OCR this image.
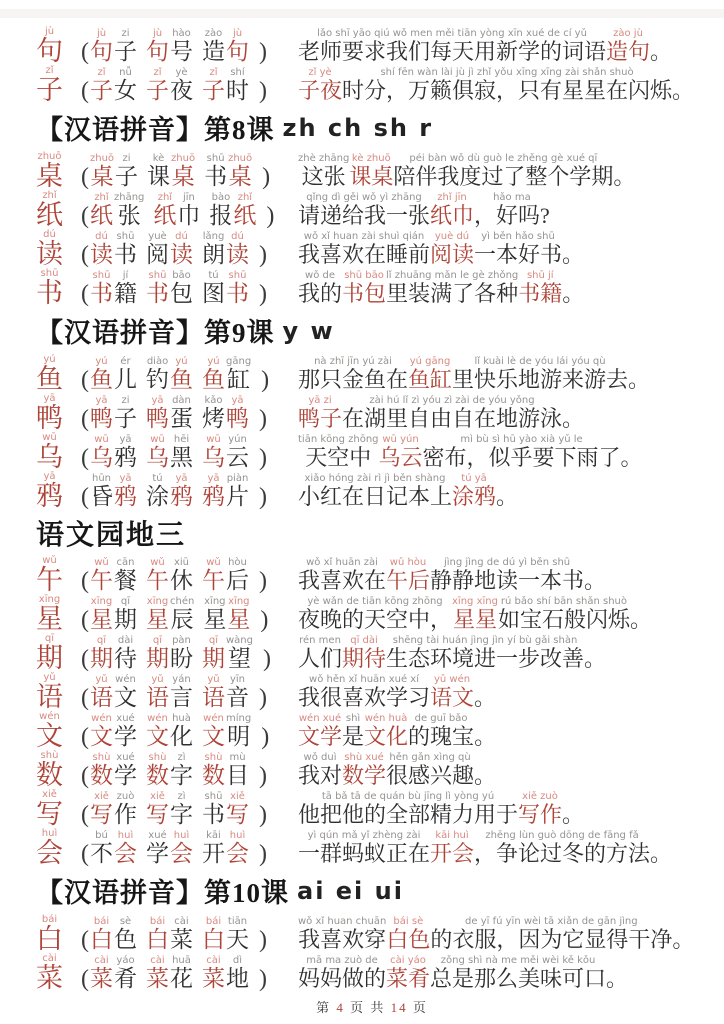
jù
句 (
jù
句
zi
子
jù
句
hào
号
zào
造
jù
句 )
lǎo shī yāo qiú wǒ men měi tiān yòng xīn xué de cí yǔ
老师要求我们每天用新学的词语
zào jù
造句
。
zǐ
子 (
zǐ
子
nǚ
女
zǐ
子
yè
夜
zǐ
子
shí
时 )
zǐ yè
子夜
shí fēn wàn lài jù jì zhǐ yǒu xīng xīng zài shǎn shuò
时分，万籁俱寂，只有星星在闪烁
。
【汉语拼音】第8课 zh ch sh r
zhuō
桌 (
zhuō
桌
zi
子
kè
课
zhuō
桌
shū
书
zhuō
桌 )
zhè zhāng
这张
kè zhuō
课桌
péi bàn wǒ dù guò le zhěng gè xué qī
陪伴我度过了整个学期
。
zhǐ
纸 (
zhǐ
纸
zhāng
张
zhǐ
纸
jīn
巾
bào
报
zhǐ
纸 )
qǐng dì gěi wǒ yì zhāng
请递给我一张
zhǐ jīn
纸巾
hǎo ma
，好吗?
dú
读 (
dú
读
shū
书
yuè
阅
dú
读
lǎng
朗
dú
读 )
wǒ xǐ huan zài shuì qián
我喜欢在睡前
yuè dú
阅读
yì běn hǎo shū
一本好书
。
shū
书 (
shū
书
jí
籍
shū
书
bāo
包
tú
图
shū
书 )
wǒ de
我的
shū bāo
书包
lǐ zhuāng mǎn le gè zhǒng
里装满了各种
shū jí
书籍
。
【汉语拼音】第9课 y w
yú
鱼 (
yú
鱼
ér
儿
diào
钓
yú
鱼
yú
鱼
gāng
缸 )
nà zhī jīn yú zài
那只金鱼在
yú gāng
鱼缸
lǐ kuài lè de yóu lái yóu qù
里快乐地游来游去
。
yā
鸭 (
yā
鸭
zi
子
yā
鸭
dàn
蛋
kǎo
烤
yā
鸭 )
yā zi
鸭子
zài hú lǐ zì yóu zì zài de yóu yǒng
在湖里自由自在地游泳
。
wū
乌 (
wū
乌
yā
鸦
wū
乌
hēi
黑
wū
乌
yún
云 )
tiān kōng zhōng
天空中
wū yún
乌云
mì bù sì hū yào xià yǔ le
密布，似乎要下雨了
。
yā
鸦 (
hūn
昏
yā
鸦
tú
涂
yā
鸦
yā
鸦
piàn
片 )
xiǎo hóng zài rì jì běn shàng
小红在日记本上
tú yā
涂鸦
。
语文园地三
wǔ
午 (
wǔ
午
cān
餐
wǔ
午
xiū
休
wǔ
午
hòu
后 )
wǒ xǐ huān zài
我喜欢在
wǔ hòu
午后
jìng jìng de dú yì běn shū
静静地读一本书
。
xīng
星 (
xīng
星
qī
期
xīng
星
chén
辰
xīng
星
xīng
星 )
yè wǎn de tiān kōng zhōng
夜晚的天空中，
xīng xīng
星星
rú bǎo shí bān shǎn shuò
如宝石般闪烁
。
qī
期 (
qī
期
dài
待
qī
期
pàn
盼
qī
期
wàng
望 )
rén men
人们
qī dài
期待
shēng tài huán jìng jìn yí bù gǎi shàn
生态环境进一步改善
。
yǔ
语 (
yǔ
语
wén
文
yǔ
语
yán
言
yǔ
语
yīn
音 )
wǒ hěn xǐ huān xué xí
我很喜欢学习
yǔ wén
语文
。
wén
文 (
wén
文
xué
学
wén
文
huà
化
wén
文
míng
明 )
wén xué
文学
shì
是
wén huà
文化
de guī bǎo
的瑰宝
。
shù
数 (
shù
数
xué
学
shù
数
zì
字
shù
数
mù
目 )
wǒ duì
我对
shù xué
数学
hěn gǎn xìng qù
很感兴趣
。
xiě
写 (
xiě
写
zuò
作
xiě
写
zì
字
shū
书
xiě
写 )
tā bǎ tā de quán bù jīng lì yòng yú
他把他的全部精力用于
xiě zuò
写作
。
huì
会 (
bú
不
huì
会
xué
学
huì
会
kāi
开
huì
会 )
yì qún mǎ yǐ zhèng zài
一群蚂蚁正在
kāi huì
开会
zhēng lùn guò dōng de fāng fǎ
，争论过冬的方法
。
【汉语拼音】第10课 ai ei ui
bái
白 (
bái
白
sè
色
bái
白
cài
菜
bái
白
tiān
天 )
wǒ xǐ huan chuān
我喜欢穿
bái sè
白色
de yī fú yīn wèi tā xiǎn de gān jìng
的衣服，因为它显得干净
。
cài
菜 (
cài
菜
yáo
肴
cài
菜
huā
花
cài
菜
dì
地 )
mā ma zuò de
妈妈做的
cài yáo
菜肴
zǒng shì nà me měi wèi kě kǒu
总是那么美味可口
。
第 4 页 共 14 页
